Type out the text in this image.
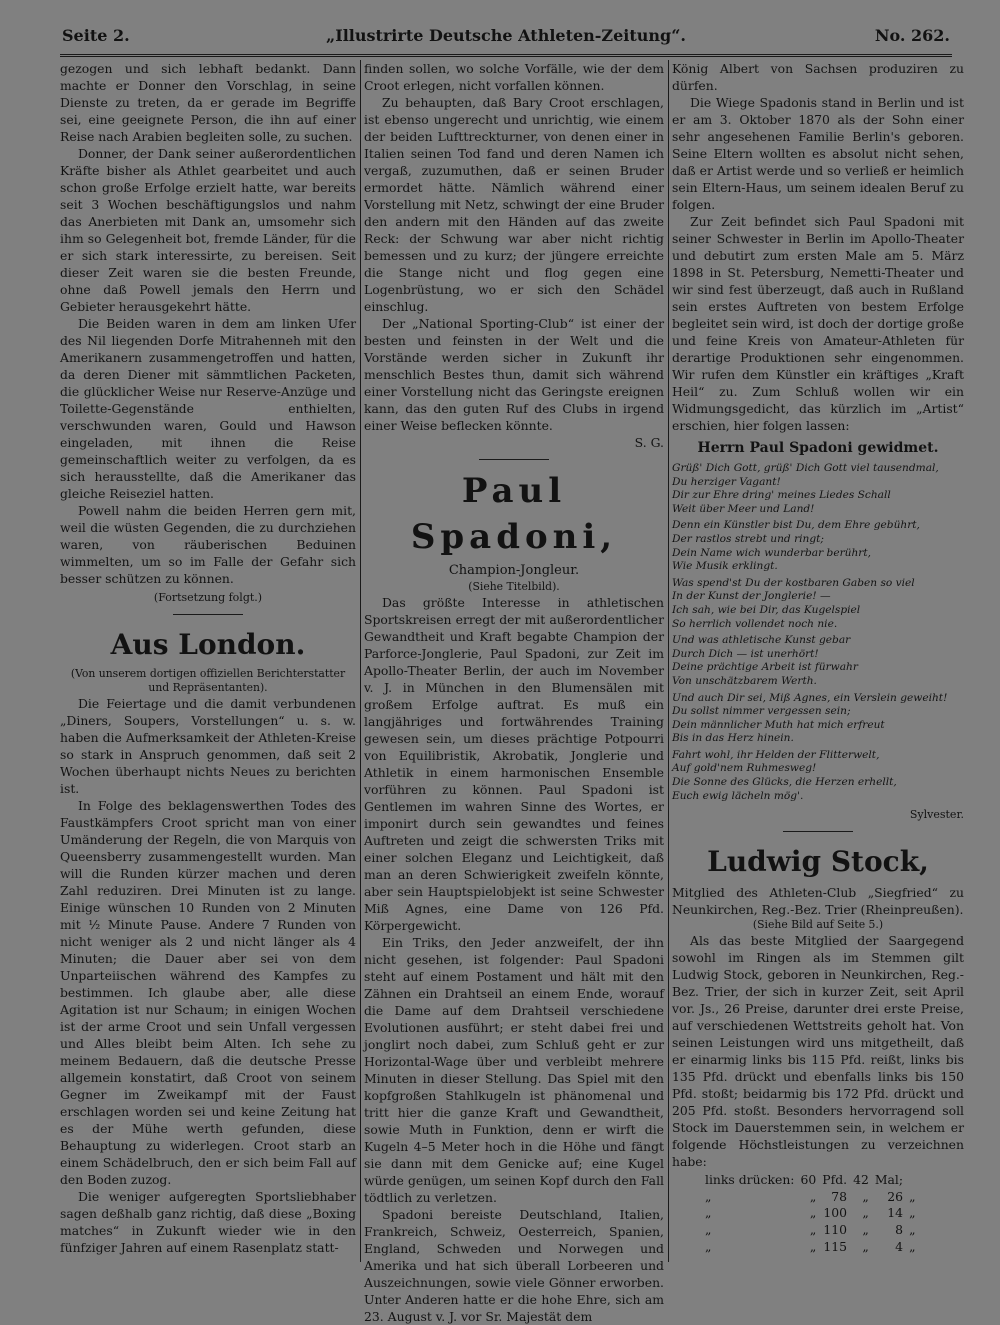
Seite 2.	„Illustrirte Deutsche Athleten-Zeitung“.	No. 262.

gezogen und sich lebhaft bedankt. Dann machte er Donner den Vorschlag, in seine Dienste zu treten, da er gerade im Begriffe sei, eine geeignete Person, die ihn auf einer Reise nach Arabien begleiten solle, zu suchen.

Donner, der Dank seiner außerordentlichen Kräfte bisher als Athlet gearbeitet und auch schon große Erfolge erzielt hatte, war bereits seit 3 Wochen beschäftigungslos und nahm das Anerbieten mit Dank an, umsomehr sich ihm so Gelegenheit bot, fremde Länder, für die er sich stark interessirte, zu bereisen. Seit dieser Zeit waren sie die besten Freunde, ohne daß Powell jemals den Herrn und Gebieter herausgekehrt hätte.

Die Beiden waren in dem am linken Ufer des Nil liegenden Dorfe Mitrahenneh mit den Amerikanern zusammengetroffen und hatten, da deren Diener mit sämmtlichen Packeten, die glücklicher Weise nur Reserve-Anzüge und Toilette-Gegenstände enthielten, verschwunden waren, Gould und Hawson eingeladen, mit ihnen die Reise gemeinschaftlich weiter zu verfolgen, da es sich herausstellte, daß die Amerikaner das gleiche Reiseziel hatten.

Powell nahm die beiden Herren gern mit, weil die wüsten Gegenden, die zu durchziehen waren, von räuberischen Beduinen wimmelten, um so im Falle der Gefahr sich besser schützen zu können.

(Fortsetzung folgt.)

Aus London.

(Von unserem dortigen offiziellen Berichterstatter und Repräsentanten).

Die Feiertage und die damit verbundenen „Diners, Soupers, Vorstellungen“ u. s. w. haben die Aufmerksamkeit der Athleten-Kreise so stark in Anspruch genommen, daß seit 2 Wochen überhaupt nichts Neues zu berichten ist.

In Folge des beklagenswerthen Todes des Faustkämpfers Croot spricht man von einer Umänderung der Regeln, die von Marquis von Queensberry zusammengestellt wurden. Man will die Runden kürzer machen und deren Zahl reduziren. Drei Minuten ist zu lange. Einige wünschen 10 Runden von 2 Minuten mit ½ Minute Pause. Andere 7 Runden von nicht weniger als 2 und nicht länger als 4 Minuten; die Dauer aber sei von dem Unparteiischen während des Kampfes zu bestimmen. Ich glaube aber, alle diese Agitation ist nur Schaum; in einigen Wochen ist der arme Croot und sein Unfall vergessen und Alles bleibt beim Alten. Ich sehe zu meinem Bedauern, daß die deutsche Presse allgemein konstatirt, daß Croot von seinem Gegner im Zweikampf mit der Faust erschlagen worden sei und keine Zeitung hat es der Mühe werth gefunden, diese Behauptung zu widerlegen. Croot starb an einem Schädelbruch, den er sich beim Fall auf den Boden zuzog.

Die weniger aufgeregten Sportsliebhaber sagen deßhalb ganz richtig, daß diese „Boxing matches“ in Zukunft wieder wie in den fünfziger Jahren auf einem Rasenplatz statt-

finden sollen, wo solche Vorfälle, wie der dem Croot erlegen, nicht vorfallen können.

Zu behaupten, daß Bary Croot erschlagen, ist ebenso ungerecht und unrichtig, wie einem der beiden Lufttreckturner, von denen einer in Italien seinen Tod fand und deren Namen ich vergaß, zuzumuthen, daß er seinen Bruder ermordet hätte. Nämlich während einer Vorstellung mit Netz, schwingt der eine Bruder den andern mit den Händen auf das zweite Reck: der Schwung war aber nicht richtig bemessen und zu kurz; der jüngere erreichte die Stange nicht und flog gegen eine Logenbrüstung, wo er sich den Schädel einschlug.

Der „National Sporting-Club“ ist einer der besten und feinsten in der Welt und die Vorstände werden sicher in Zukunft ihr menschlich Bestes thun, damit sich während einer Vorstellung nicht das Geringste ereignen kann, das den guten Ruf des Clubs in irgend einer Weise beflecken könnte.

S. G.

Paul Spadoni,
Champion-Jongleur.

(Siehe Titelbild).

Das größte Interesse in athletischen Sportskreisen erregt der mit außerordentlicher Gewandtheit und Kraft begabte Champion der Parforce-Jonglerie, Paul Spadoni, zur Zeit im Apollo-Theater Berlin, der auch im November v. J. in München in den Blumensälen mit großem Erfolge auftrat. Es muß ein langjähriges und fortwährendes Training gewesen sein, um dieses prächtige Potpourri von Equilibristik, Akrobatik, Jonglerie und Athletik in einem harmonischen Ensemble vorführen zu können. Paul Spadoni ist Gentlemen im wahren Sinne des Wortes, er imponirt durch sein gewandtes und feines Auftreten und zeigt die schwersten Triks mit einer solchen Eleganz und Leichtigkeit, daß man an deren Schwierigkeit zweifeln könnte, aber sein Hauptspielobjekt ist seine Schwester Miß Agnes, eine Dame von 126 Pfd. Körpergewicht.

Ein Triks, den Jeder anzweifelt, der ihn nicht gesehen, ist folgender: Paul Spadoni steht auf einem Postament und hält mit den Zähnen ein Drahtseil an einem Ende, worauf die Dame auf dem Drahtseil verschiedene Evolutionen ausführt; er steht dabei frei und jonglirt noch dabei, zum Schluß geht er zur Horizontal-Wage über und verbleibt mehrere Minuten in dieser Stellung. Das Spiel mit den kopfgroßen Stahlkugeln ist phänomenal und tritt hier die ganze Kraft und Gewandtheit, sowie Muth in Funktion, denn er wirft die Kugeln 4–5 Meter hoch in die Höhe und fängt sie dann mit dem Genicke auf; eine Kugel würde genügen, um seinen Kopf durch den Fall tödtlich zu verletzen.

Spadoni bereiste Deutschland, Italien, Frankreich, Schweiz, Oesterreich, Spanien, England, Schweden und Norwegen und Amerika und hat sich überall Lorbeeren und Auszeichnungen, sowie viele Gönner erworben. Unter Anderen hatte er die hohe Ehre, sich am 23. August v. J. vor Sr. Majestät dem

König Albert von Sachsen produziren zu dürfen.

Die Wiege Spadonis stand in Berlin und ist er am 3. Oktober 1870 als der Sohn einer sehr angesehenen Familie Berlin's geboren. Seine Eltern wollten es absolut nicht sehen, daß er Artist werde und so verließ er heimlich sein Eltern-Haus, um seinem idealen Beruf zu folgen.

Zur Zeit befindet sich Paul Spadoni mit seiner Schwester in Berlin im Apollo-Theater und debutirt zum ersten Male am 5. März 1898 in St. Petersburg, Nemetti-Theater und wir sind fest überzeugt, daß auch in Rußland sein erstes Auftreten von bestem Erfolge begleitet sein wird, ist doch der dortige große und feine Kreis von Amateur-Athleten für derartige Produktionen sehr eingenommen. Wir rufen dem Künstler ein kräftiges „Kraft Heil“ zu. Zum Schluß wollen wir ein Widmungsgedicht, das kürzlich im „Artist“ erschien, hier folgen lassen:

Herrn Paul Spadoni gewidmet.
Grüß' Dich Gott, grüß' Dich Gott viel tausendmal,
Du herziger Vagant!
Dir zur Ehre dring' meines Liedes Schall
Weit über Meer und Land!
Denn ein Künstler bist Du, dem Ehre gebührt,
Der rastlos strebt und ringt;
Dein Name wich wunderbar berührt,
Wie Musik erklingt.
Was spend'st Du der kostbaren Gaben so viel
In der Kunst der Jonglerie! —
Ich sah, wie bei Dir, das Kugelspiel
So herrlich vollendet noch nie.
Und was athletische Kunst gebar
Durch Dich — ist unerhört!
Deine prächtige Arbeit ist fürwahr
Von unschätzbarem Werth.
Und auch Dir sei, Miß Agnes, ein Verslein geweiht!
Du sollst nimmer vergessen sein;
Dein männlicher Muth hat mich erfreut
Bis in das Herz hinein.
Fahrt wohl, ihr Helden der Flitterwelt,
Auf gold'nem Ruhmesweg!
Die Sonne des Glücks, die Herzen erhellt,
Euch ewig lächeln mög'.
Sylvester.
Ludwig Stock,

Mitglied des Athleten-Club „Siegfried“ zu Neunkirchen, Reg.-Bez. Trier (Rheinpreußen).

(Siehe Bild auf Seite 5.)

Als das beste Mitglied der Saargegend sowohl im Ringen als im Stemmen gilt Ludwig Stock, geboren in Neunkirchen, Reg.-Bez. Trier, der sich in kurzer Zeit, seit April vor. Js., 26 Preise, darunter drei erste Preise, auf verschiedenen Wettstreits geholt hat. Von seinen Leistungen wird uns mitgetheilt, daß er einarmig links bis 115 Pfd. reißt, links bis 135 Pfd. drückt und ebenfalls links bis 150 Pfd. stoßt; beidarmig bis 172 Pfd. drückt und 205 Pfd. stoßt. Besonders hervorragend soll Stock im Dauerstemmen sein, in welchem er folgende Höchstleistungen zu verzeichnen habe:

links drücken:	60	Pfd.	42	Mal;	
„	„	78	„	26	„
„	„	100	„	14	„
„	„	110	„	8	„
„	„	115	„	4	„
